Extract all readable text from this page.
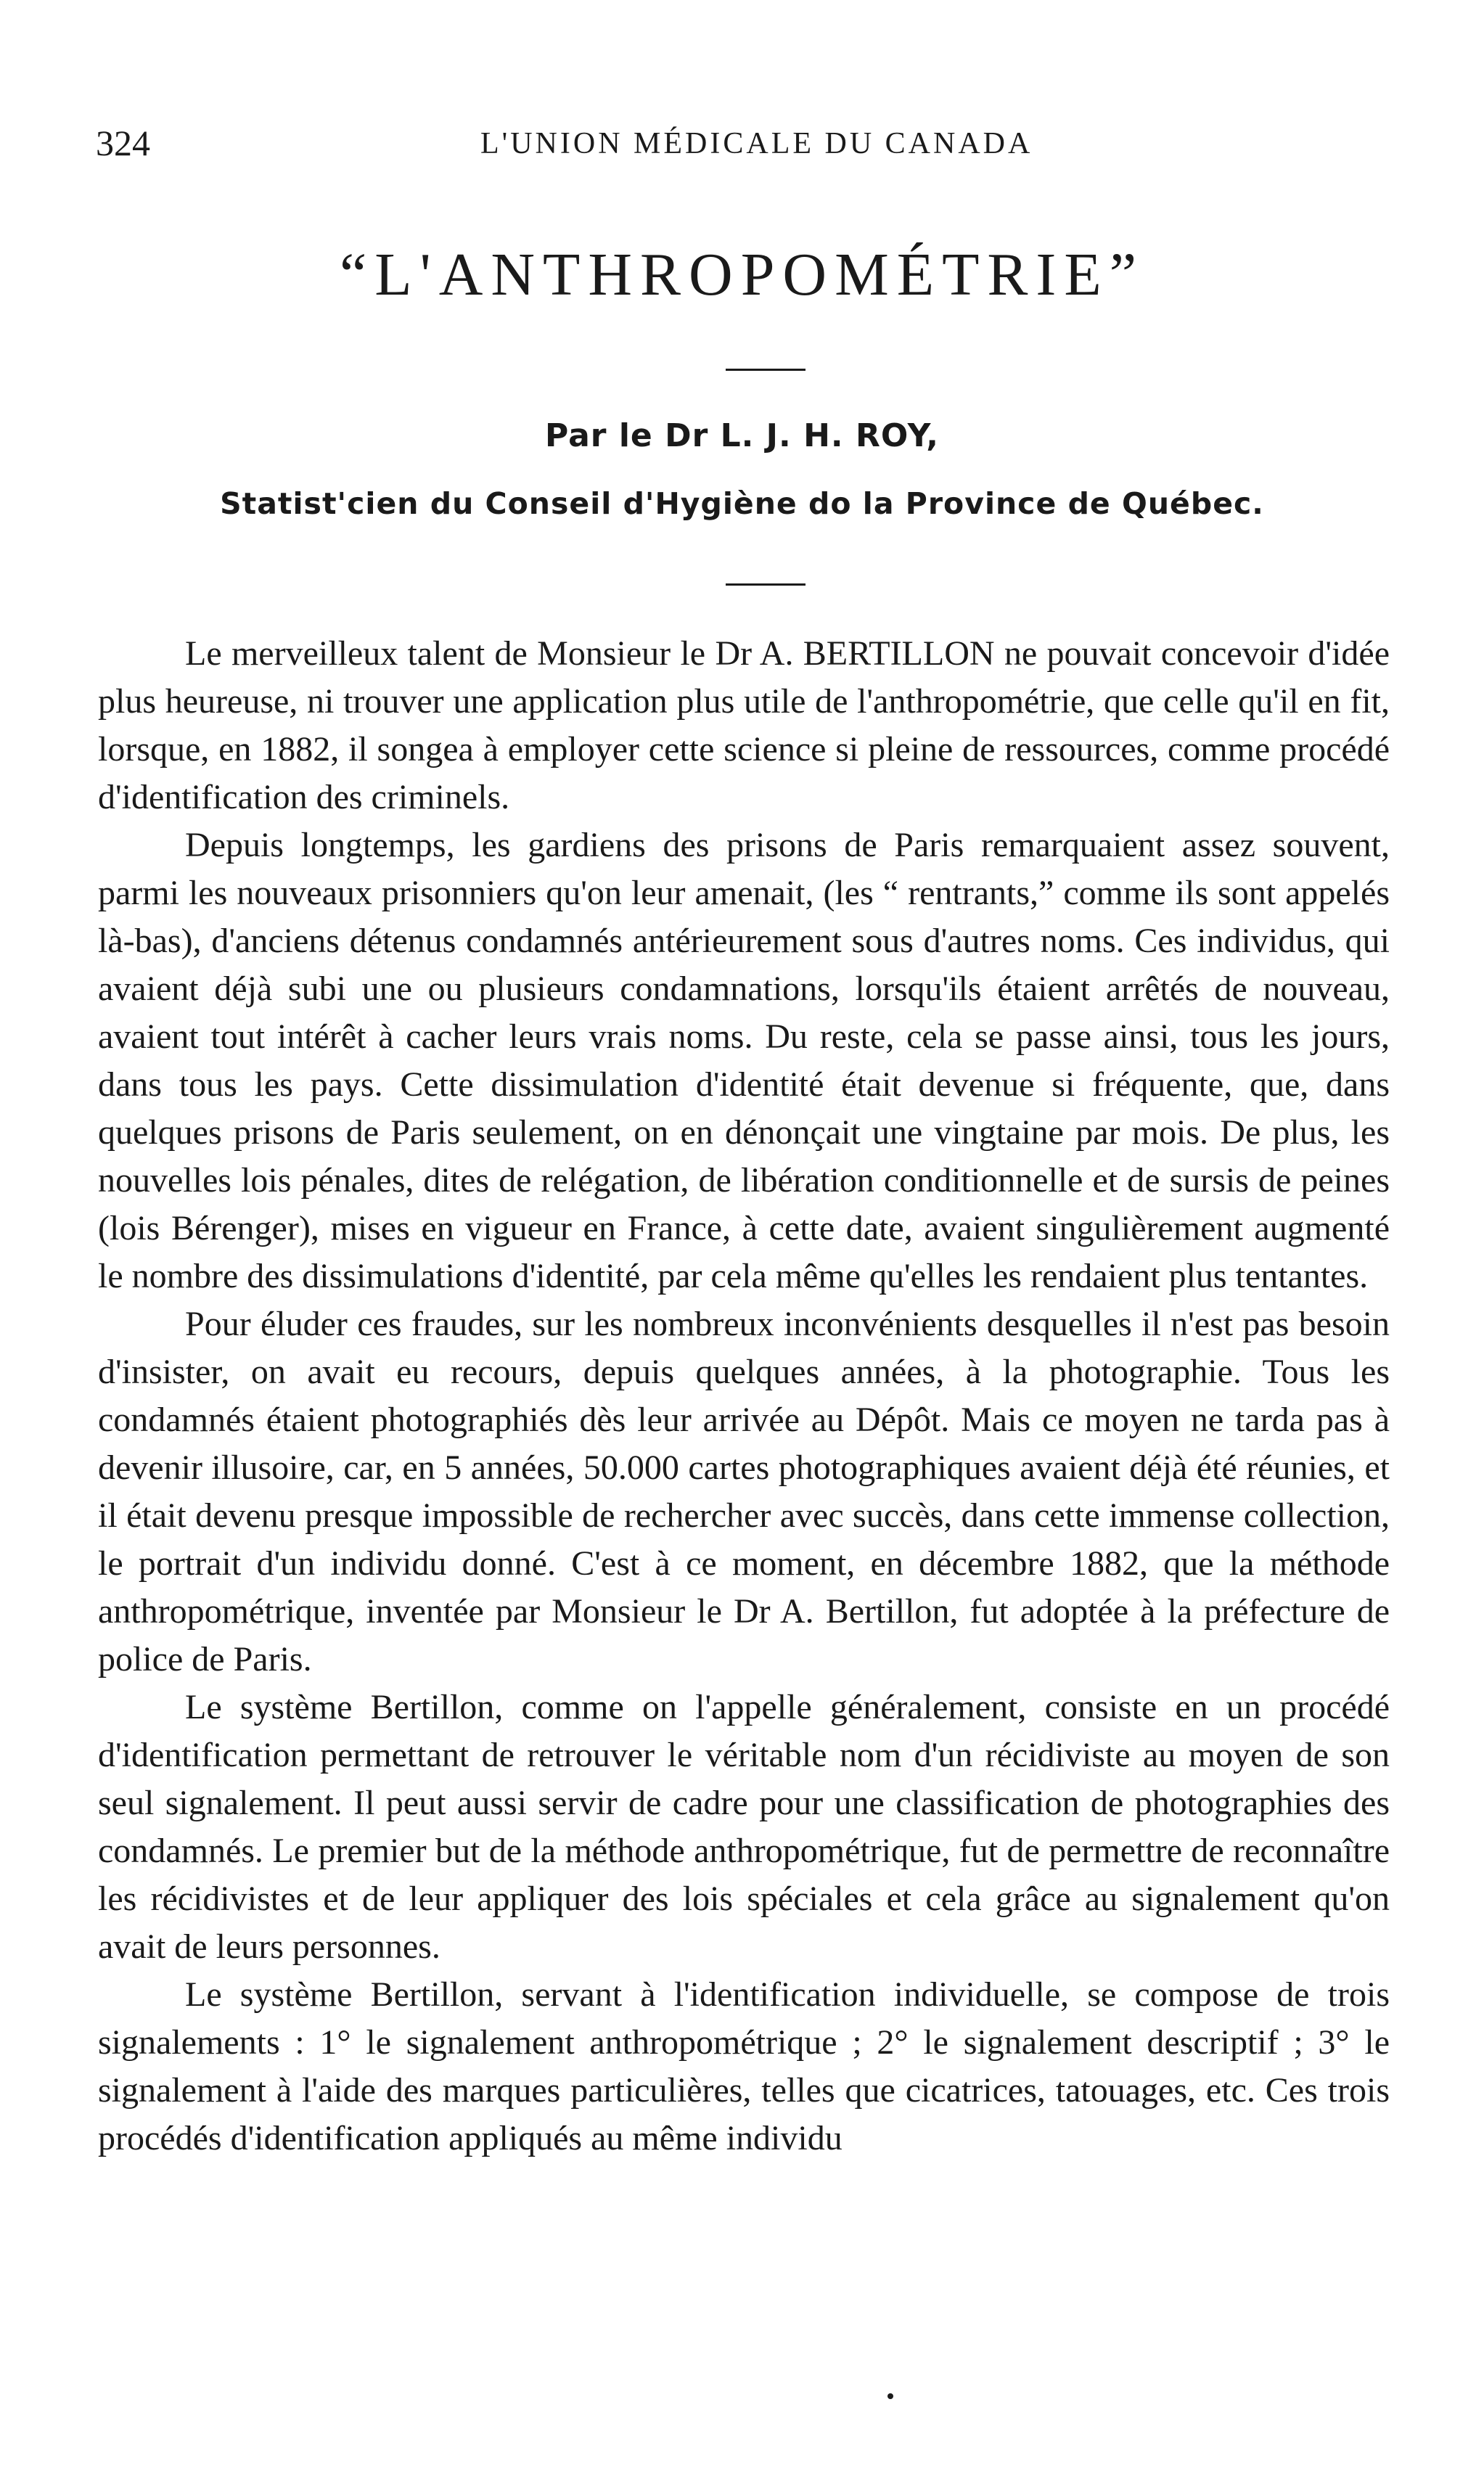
324	L'UNION MÉDICALE DU CANADA
“L'ANTHROPOMÉTRIE”
Par le Dr L. J. H. ROY,
Statist'cien du Conseil d'Hygiène do la Province de Québec.

Le merveilleux talent de Monsieur le Dr A. BERTILLON ne pouvait concevoir d'idée plus heureuse, ni trouver une application plus utile de l'anthropométrie, que celle qu'il en fit, lorsque, en 1882, il songea à employer cette science si pleine de ressources, comme procédé d'identification des criminels.

Depuis longtemps, les gardiens des prisons de Paris remarquaient assez souvent, parmi les nouveaux prisonniers qu'on leur amenait, (les “ rentrants,” comme ils sont appelés là-bas), d'anciens détenus condamnés antérieurement sous d'autres noms. Ces individus, qui avaient déjà subi une ou plusieurs condamnations, lorsqu'ils étaient arrêtés de nouveau, avaient tout intérêt à cacher leurs vrais noms. Du reste, cela se passe ainsi, tous les jours, dans tous les pays. Cette dissimulation d'identité était devenue si fréquente, que, dans quelques prisons de Paris seulement, on en dénonçait une vingtaine par mois. De plus, les nouvelles lois pénales, dites de relégation, de libération conditionnelle et de sursis de peines (lois Bérenger), mises en vigueur en France, à cette date, avaient singulièrement augmenté le nombre des dissimulations d'identité, par cela même qu'elles les rendaient plus tentantes.

Pour éluder ces fraudes, sur les nombreux inconvénients desquelles il n'est pas besoin d'insister, on avait eu recours, depuis quelques années, à la photographie. Tous les condamnés étaient photographiés dès leur arrivée au Dépôt. Mais ce moyen ne tarda pas à devenir illusoire, car, en 5 années, 50.000 cartes photographiques avaient déjà été réunies, et il était devenu presque impossible de rechercher avec succès, dans cette immense collection, le portrait d'un individu donné. C'est à ce moment, en décembre 1882, que la méthode anthropométrique, inventée par Monsieur le Dr A. Bertillon, fut adoptée à la préfecture de police de Paris.

Le système Bertillon, comme on l'appelle généralement, consiste en un procédé d'identification permettant de retrouver le véritable nom d'un récidiviste au moyen de son seul signalement. Il peut aussi servir de cadre pour une classification de photographies des condamnés. Le premier but de la méthode anthropométrique, fut de permettre de reconnaître les récidivistes et de leur appliquer des lois spéciales et cela grâce au signalement qu'on avait de leurs personnes.

Le système Bertillon, servant à l'identification individuelle, se compose de trois signalements : 1° le signalement anthropométrique ; 2° le signalement descriptif ; 3° le signalement à l'aide des marques particulières, telles que cicatrices, tatouages, etc. Ces trois procédés d'identification appliqués au même individu
